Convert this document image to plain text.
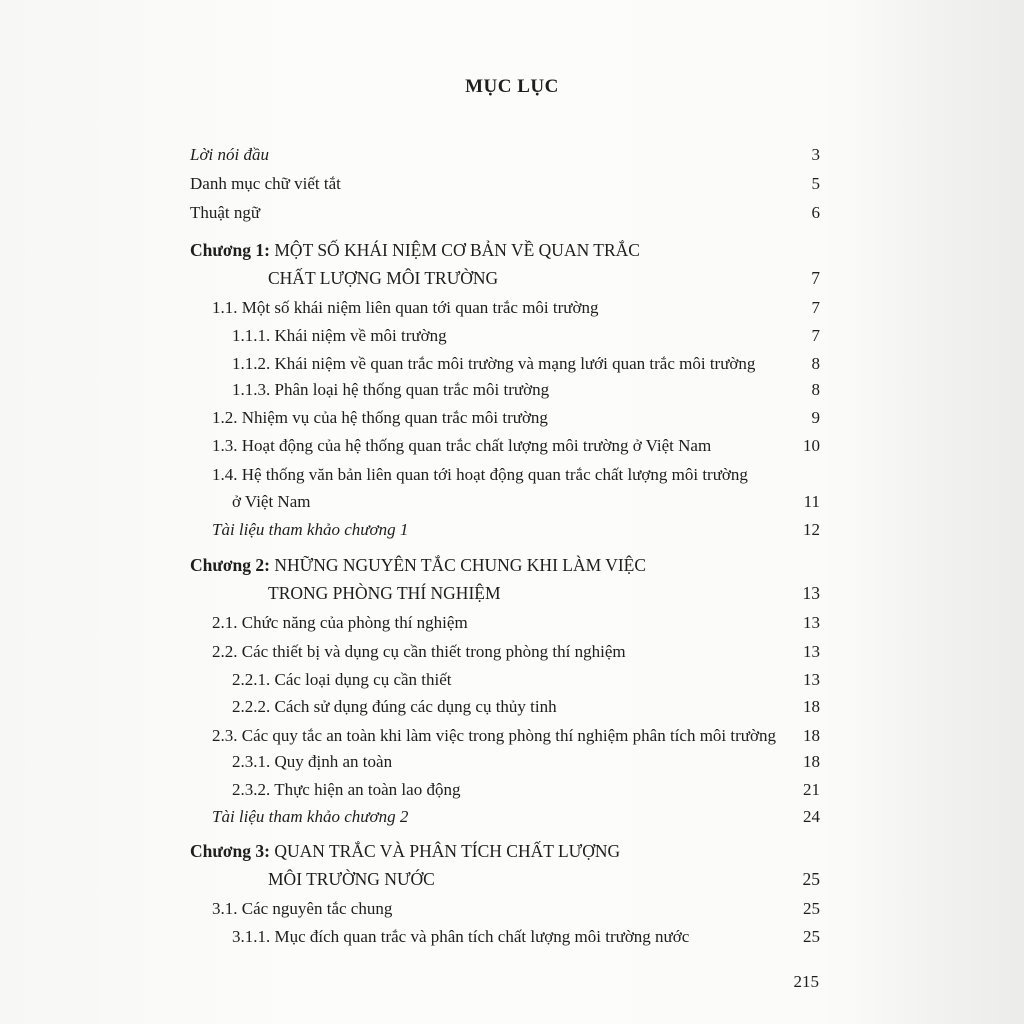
MỤC LỤC
Lời nói đầu	3
Danh mục chữ viết tắt	5
Thuật ngữ	6
Chương 1: MỘT SỐ KHÁI NIỆM CƠ BẢN VỀ QUAN TRẮC
CHẤT LƯỢNG MÔI TRƯỜNG	7
1.1. Một số khái niệm liên quan tới quan trắc môi trường	7
1.1.1. Khái niệm về môi trường	7
1.1.2. Khái niệm về quan trắc môi trường và mạng lưới quan trắc môi trường	8
1.1.3. Phân loại hệ thống quan trắc môi trường	8
1.2. Nhiệm vụ của hệ thống quan trắc môi trường	9
1.3. Hoạt động của hệ thống quan trắc chất lượng môi trường ở Việt Nam	10
1.4. Hệ thống văn bản liên quan tới hoạt động quan trắc chất lượng môi trường
ở Việt Nam	11
Tài liệu tham khảo chương 1	12
Chương 2: NHỮNG NGUYÊN TẮC CHUNG KHI LÀM VIỆC
TRONG PHÒNG THÍ NGHIỆM	13
2.1. Chức năng của phòng thí nghiệm	13
2.2. Các thiết bị và dụng cụ cần thiết trong phòng thí nghiệm	13
2.2.1. Các loại dụng cụ cần thiết	13
2.2.2. Cách sử dụng đúng các dụng cụ thủy tinh	18
2.3. Các quy tắc an toàn khi làm việc trong phòng thí nghiệm phân tích môi trường 18
2.3.1. Quy định an toàn	18
2.3.2. Thực hiện an toàn lao động	21
Tài liệu tham khảo chương 2	24
Chương 3: QUAN TRẮC VÀ PHÂN TÍCH CHẤT LƯỢNG
MÔI TRƯỜNG NƯỚC	25
3.1. Các nguyên tắc chung	25
3.1.1. Mục đích quan trắc và phân tích chất lượng môi trường nước	25
215
